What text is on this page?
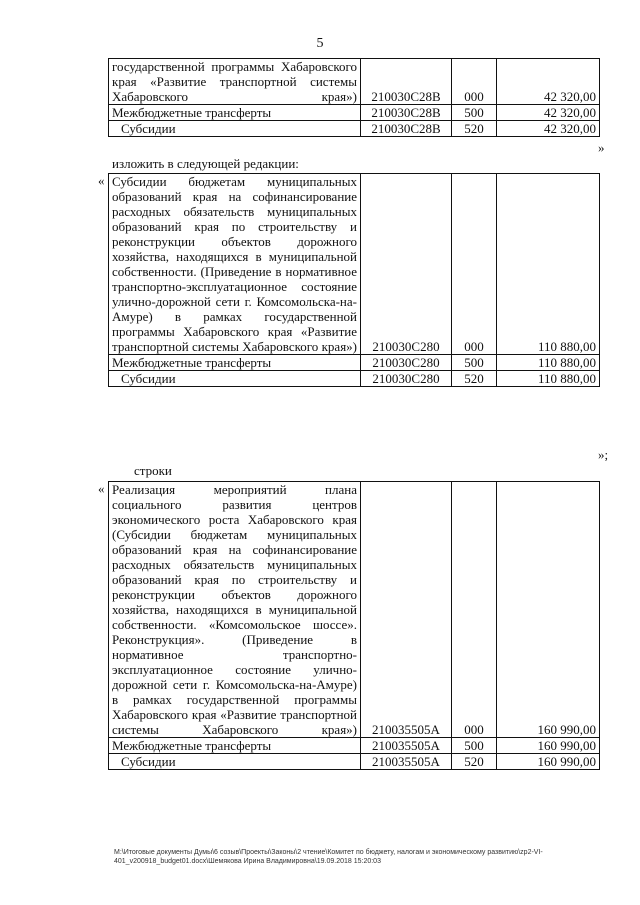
5
государственной программы Хабаровского края «Развитие транспортной системы Хабаровского края»)	210030С28В	000	42 320,00
Межбюджетные трансферты	210030С28В	500	42 320,00
Субсидии	210030С28В	520	42 320,00
»
изложить в следующей редакции:
« Субсидии бюджетам муниципальных образований края на софинансирование расходных обязательств муниципальных образований края по строительству и реконструкции объектов дорожного хозяйства, находящихся в муниципальной собственности. (Приведение в нормативное транспортно-эксплуатационное состояние улично-дорожной сети г. Комсомольска-на-Амуре) в рамках государственной программы Хабаровского края «Развитие транспортной системы Хабаровского края»)	210030С280	000	110 880,00
Межбюджетные трансферты	210030С280	500	110 880,00
Субсидии	210030С280	520	110 880,00
»;
строки
« Реализация мероприятий плана социального развития центров экономического роста Хабаровского края (Субсидии бюджетам муниципальных образований края на софинансирование расходных обязательств муниципальных образований края по строительству и реконструкции объектов дорожного хозяйства, находящихся в муниципальной собственности. «Комсомольское шоссе». Реконструкция». (Приведение в нормативное транспортно-эксплуатационное состояние улично-дорожной сети г. Комсомольска-на-Амуре) в рамках государственной программы Хабаровского края «Развитие транспортной системы Хабаровского края»)	210035505А	000	160 990,00
Межбюджетные трансферты	210035505А	500	160 990,00
Субсидии	210035505А	520	160 990,00
M:\Итоговые документы Думы\6 созыв\Проекты\Законы\2 чтение\Комитет по бюджету, налогам и экономическому развитию\zp2-VI-401_v200918_budget01.docx\Шемякова Ирина Владимировна\19.09.2018 15:20:03
